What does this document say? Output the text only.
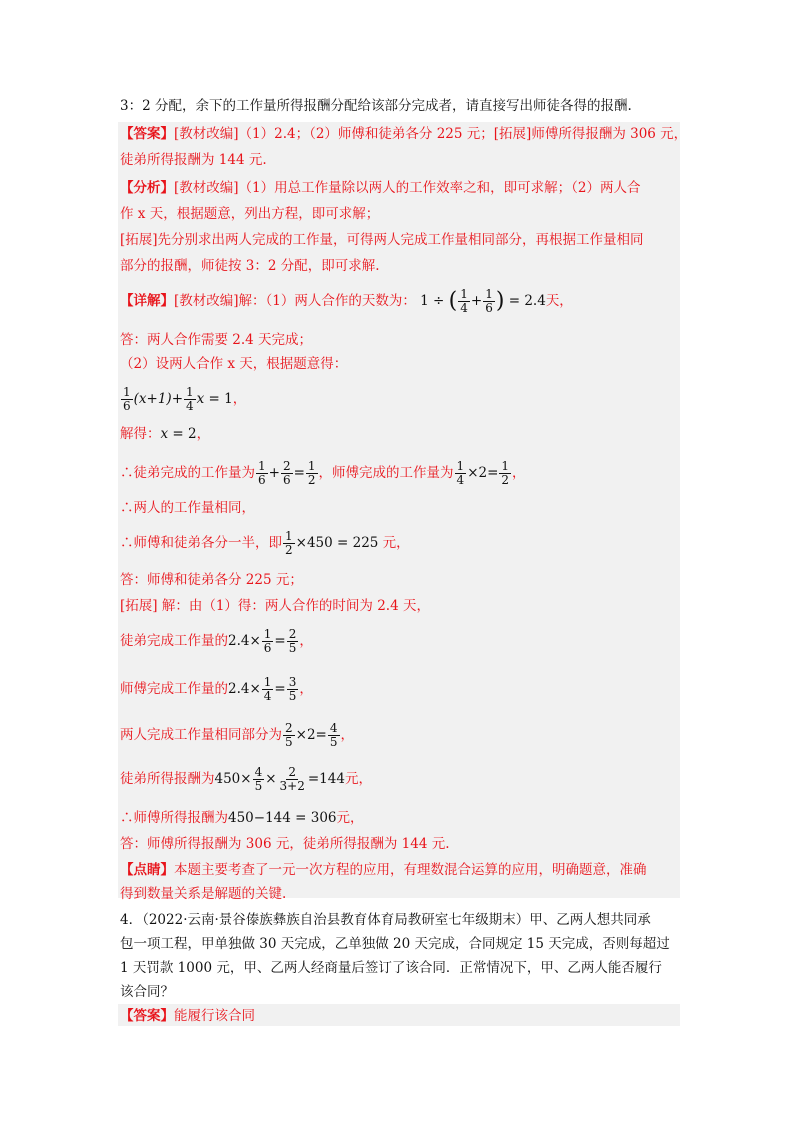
3：2 分配，余下的工作量所得报酬分配给该部分完成者，请直接写出师徒各得的报酬.
【答案】[教材改编]（1）2.4；（2）师傅和徒弟各分 225 元；[拓展]师傅所得报酬为 306 元，
徒弟所得报酬为 144 元.
【分析】[教材改编]（1）用总工作量除以两人的工作效率之和，即可求解；（2）两人合
作 x 天，根据题意，列出方程，即可求解；
[拓展]先分别求出两人完成的工作量，可得两人完成工作量相同部分，再根据工作量相同
部分的报酬，师徒按 3：2 分配，即可求解.
【详解】[教材改编]解：（1）两人合作的天数为： 1 ÷ ( $\frac{1}{4} + \frac{1}{6}$ ) = 2.4天，
答：两人合作需要 2.4 天完成；
（2）设两人合作 x 天，根据题意得：
$\frac{1}{6} (x+1)+ \frac{1}{4}$ x = 1，
解得：x = 2，
∴徒弟完成的工作量为 $\frac{1}{6} + \frac{2}{6} = \frac{1}{2}$ ，师傅完成的工作量为 $\frac{1}{4} \times 2= \frac{1}{2}$ ，
∴两人的工作量相同，
∴师傅和徒弟各分一半，即 $\frac{1}{2} \times 450 = 225$ 元，
答：师傅和徒弟各分 225 元；
[拓展] 解：由（1）得：两人合作的时间为 2.4 天，
徒弟完成工作量的$2.4\times \frac{1}{6} = \frac{2}{5}$ ，
师傅完成工作量的$2.4\times \frac{1}{4} = \frac{3}{5}$ ，
两人完成工作量相同部分为 $\frac{2}{5} \times 2= \frac{4}{5}$ ，
徒弟所得报酬为$450\times \frac{4}{5} \times \frac{2}{3+2} =144$元，
∴师傅所得报酬为450−144 = 306元，
答：师傅所得报酬为 306 元，徒弟所得报酬为 144 元.
【点睛】本题主要考查了一元一次方程的应用，有理数混合运算的应用，明确题意，准确
得到数量关系是解题的关键.
4．（2022·云南·景谷傣族彝族自治县教育体育局教研室七年级期末）甲、乙两人想共同承
包一项工程，甲单独做 30 天完成，乙单独做 20 天完成，合同规定 15 天完成，否则每超过
1 天罚款 1000 元，甲、乙两人经商量后签订了该合同．正常情况下，甲、乙两人能否履行
该合同？
【答案】能履行该合同
